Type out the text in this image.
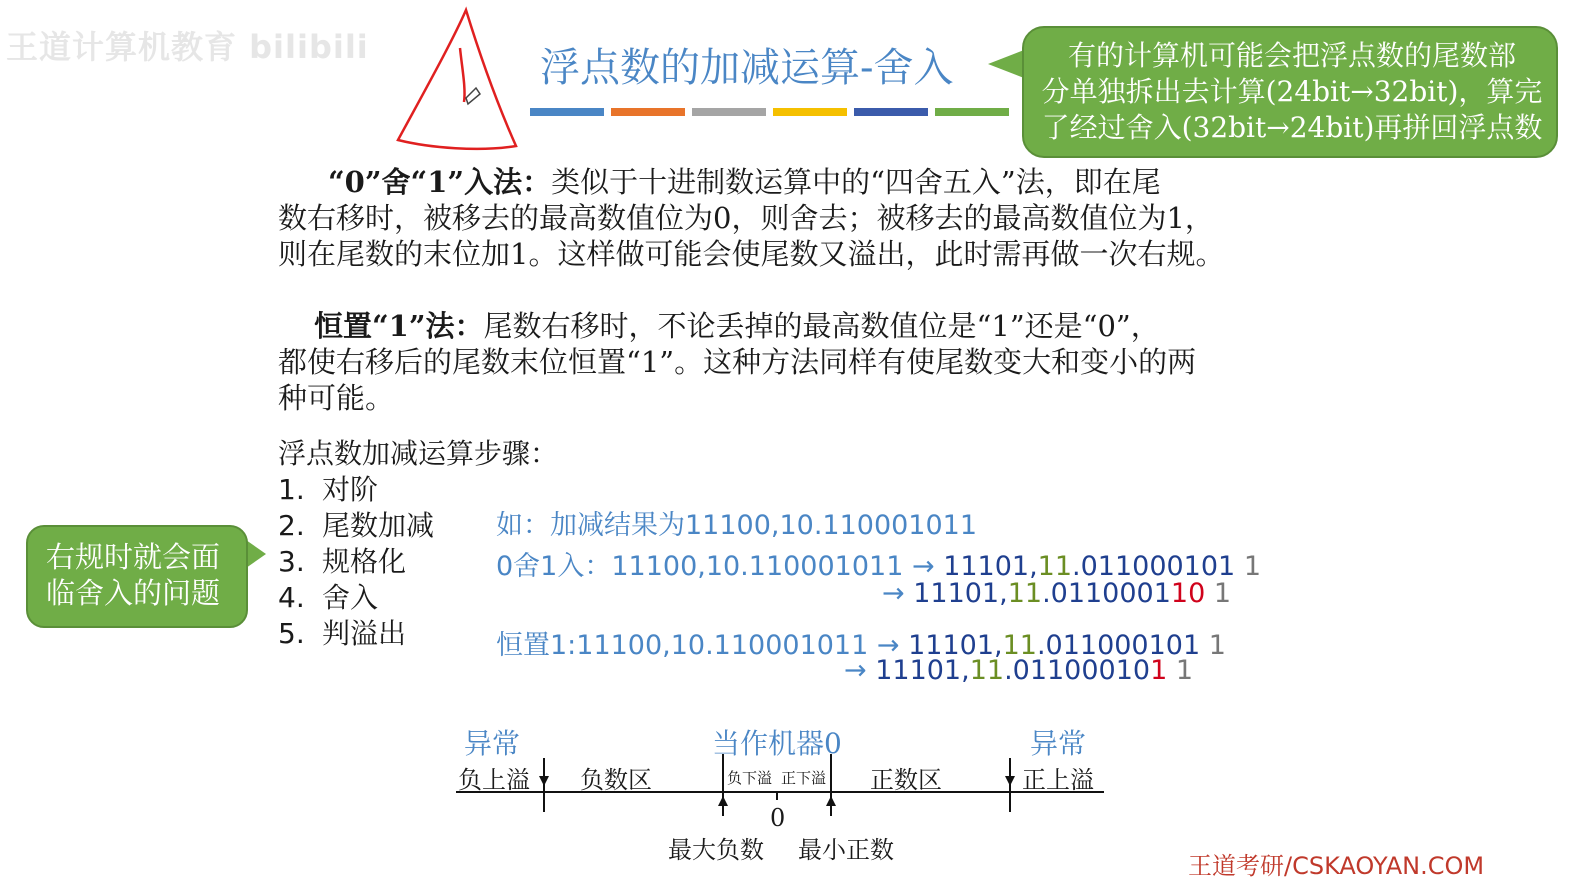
王道计算机教育 bilibili	浮点数的加减运算-舍入	有的计算机可能会把浮点数的尾数部
分单独拆出去计算(24bit→32bit)，算完
了经过舍入(32bit→24bit)再拼回浮点数
“0”舍“1”入法：类似于十进制数运算中的“四舍五入”法，即在尾
数右移时，被移去的最高数值位为0，则舍去；被移去的最高数值位为1，
则在尾数的末位加1。这样做可能会使尾数又溢出，此时需再做一次右规。
恒置“1”法：尾数右移时，不论丢掉的最高数值位是“1”还是“0”，
都使右移后的尾数末位恒置“1”。这种方法同样有使尾数变大和变小的两
种可能。
浮点数加减运算步骤：
1. 对阶
2. 尾数加减
3. 规格化
4. 舍入
5. 判溢出
右规时就会面
临舍入的问题
如：加减结果为11100,10.110001011
0舍1入：11100,10.110001011 → 11101,11.011000101 1
→ 11101,11.011000110 1
恒置1:11100,10.110001011 → 11101,11.011000101 1
→ 11101,11.011000101 1
异常
负上溢 负数区
当作机器0
负下溢 正下溢 正数区
异常
正上溢
0
最大负数 最小正数
王道考研/CSKAOYAN.COM
